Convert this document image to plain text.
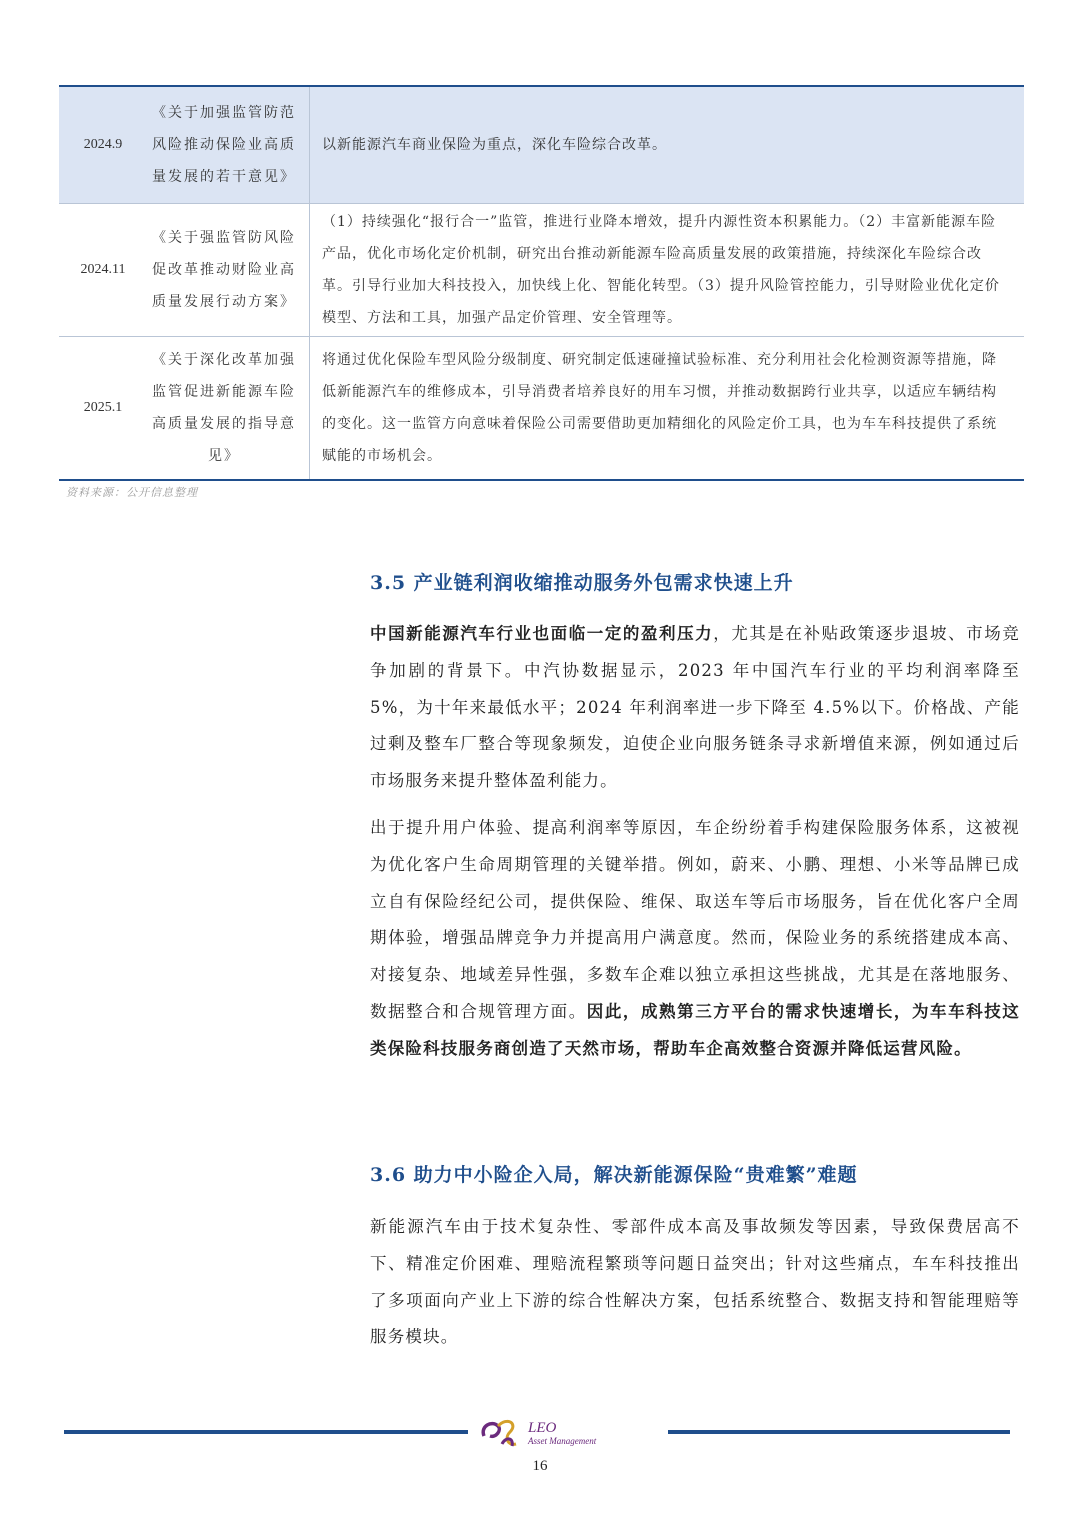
2024.9	《关于加强监管防范风险推动保险业高质量发展的若干意见》	以新能源汽车商业保险为重点，深化车险综合改革。
2024.11	《关于强监管防风险促改革推动财险业高质量发展行动方案》	（1）持续强化“报行合一”监管，推进行业降本增效，提升内源性资本积累能力。（2）丰富新能源车险产品，优化市场化定价机制，研究出台推动新能源车险高质量发展的政策措施，持续深化车险综合改革。引导行业加大科技投入，加快线上化、智能化转型。（3）提升风险管控能力，引导财险业优化定价模型、方法和工具，加强产品定价管理、安全管理等。
2025.1	《关于深化改革加强监管促进新能源车险高质量发展的指导意见》	将通过优化保险车型风险分级制度、研究制定低速碰撞试验标准、充分利用社会化检测资源等措施，降低新能源汽车的维修成本，引导消费者培养良好的用车习惯，并推动数据跨行业共享，以适应车辆结构的变化。这一监管方向意味着保险公司需要借助更加精细化的风险定价工具，也为车车科技提供了系统赋能的市场机会。
资料来源：公开信息整理
3.5 产业链利润收缩推动服务外包需求快速上升

中国新能源汽车行业也面临一定的盈利压力，尤其是在补贴政策逐步退坡、市场竞争加剧的背景下。中汽协数据显示，2023 年中国汽车行业的平均利润率降至 5%，为十年来最低水平；2024 年利润率进一步下降至 4.5%以下。价格战、产能过剩及整车厂整合等现象频发，迫使企业向服务链条寻求新增值来源，例如通过后市场服务来提升整体盈利能力。

出于提升用户体验、提高利润率等原因，车企纷纷着手构建保险服务体系，这被视为优化客户生命周期管理的关键举措。例如，蔚来、小鹏、理想、小米等品牌已成立自有保险经纪公司，提供保险、维保、取送车等后市场服务，旨在优化客户全周期体验，增强品牌竞争力并提高用户满意度。然而，保险业务的系统搭建成本高、对接复杂、地域差异性强，多数车企难以独立承担这些挑战，尤其是在落地服务、数据整合和合规管理方面。因此，成熟第三方平台的需求快速增长，为车车科技这类保险科技服务商创造了天然市场，帮助车企高效整合资源并降低运营风险。

3.6 助力中小险企入局，解决新能源保险“贵难繁”难题

新能源汽车由于技术复杂性、零部件成本高及事故频发等因素，导致保费居高不下、精准定价困难、理赔流程繁琐等问题日益突出；针对这些痛点，车车科技推出了多项面向产业上下游的综合性解决方案，包括系统整合、数据支持和智能理赔等服务模块。

LEO
Asset Management
16
